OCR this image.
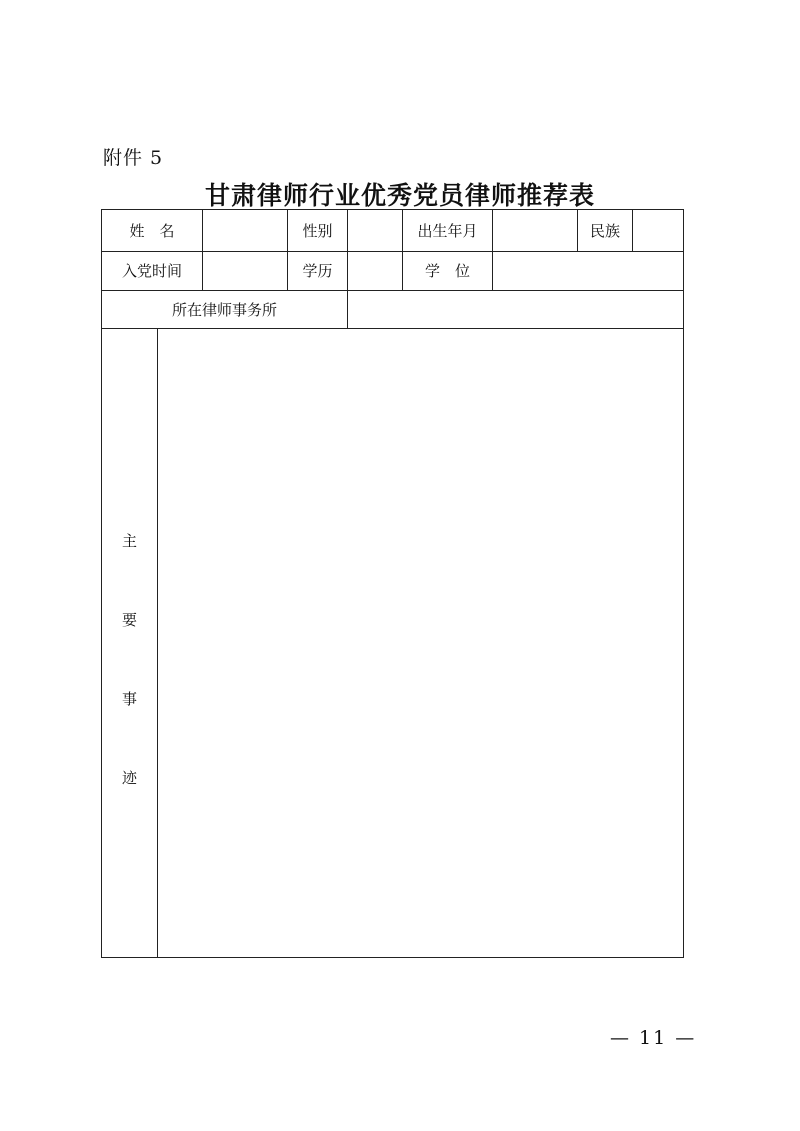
附件 5
甘肃律师行业优秀党员律师推荐表
姓　名	性别	出生年月	民族
入党时间	学历	学　位
所在律师事务所
主
要
事
迹
— 11 —
